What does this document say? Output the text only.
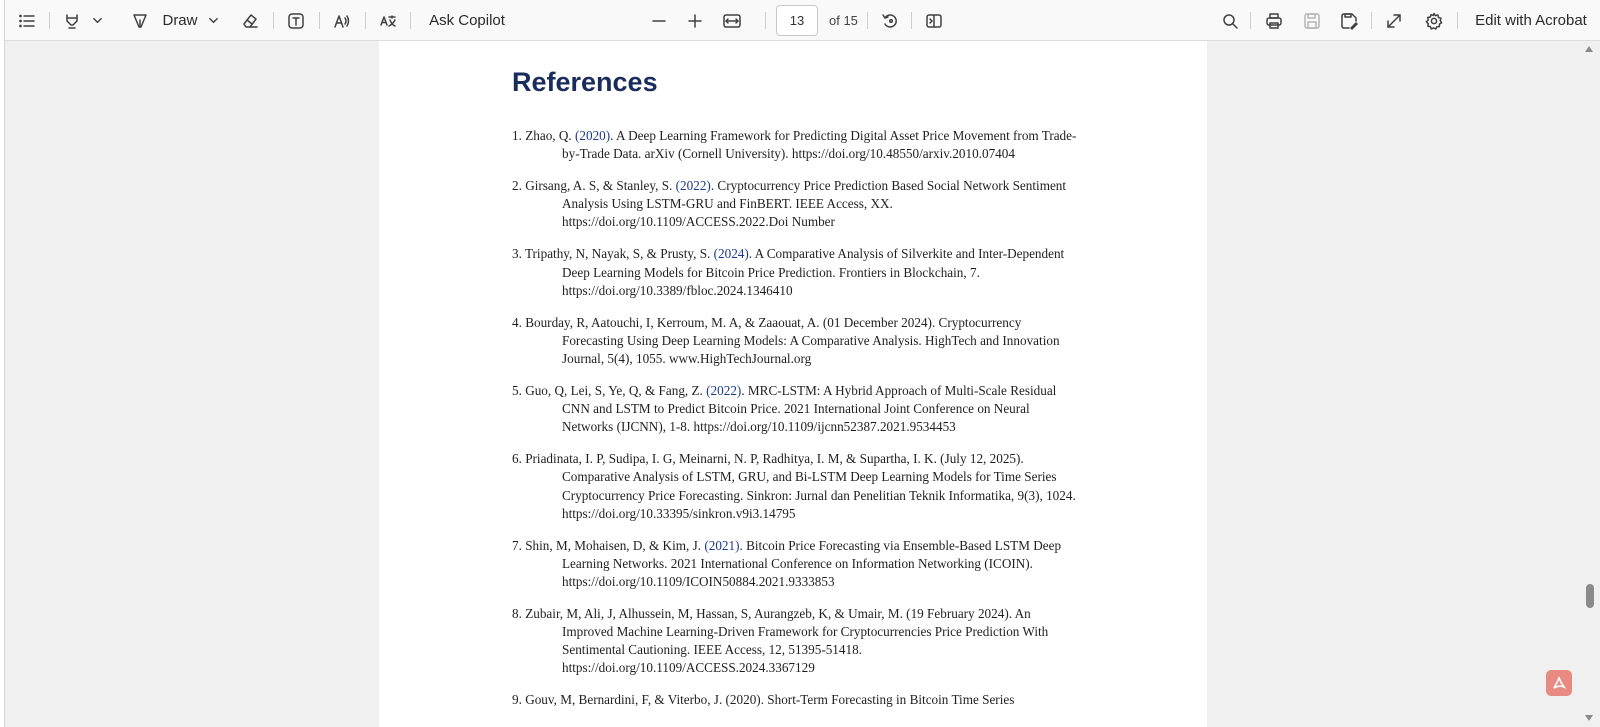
Draw	Ask Copilot	13	of 15	Edit with Acrobat
References
1. Zhao, Q. (2020). A Deep Learning Framework for Predicting Digital Asset Price Movement from Trade-by-Trade Data. arXiv (Cornell University). https://doi.org/10.48550/arxiv.2010.07404
2. Girsang, A. S, & Stanley, S. (2022). Cryptocurrency Price Prediction Based Social Network Sentiment Analysis Using LSTM-GRU and FinBERT. IEEE Access, XX. https://doi.org/10.1109/ACCESS.2022.Doi Number
3. Tripathy, N, Nayak, S, & Prusty, S. (2024). A Comparative Analysis of Silverkite and Inter-Dependent Deep Learning Models for Bitcoin Price Prediction. Frontiers in Blockchain, 7. https://doi.org/10.3389/fbloc.2024.1346410
4. Bourday, R, Aatouchi, I, Kerroum, M. A, & Zaaouat, A. (01 December 2024). Cryptocurrency Forecasting Using Deep Learning Models: A Comparative Analysis. HighTech and Innovation Journal, 5(4), 1055. www.HighTechJournal.org
5. Guo, Q, Lei, S, Ye, Q, & Fang, Z. (2022). MRC-LSTM: A Hybrid Approach of Multi-Scale Residual CNN and LSTM to Predict Bitcoin Price. 2021 International Joint Conference on Neural Networks (IJCNN), 1-8. https://doi.org/10.1109/ijcnn52387.2021.9534453
6. Priadinata, I. P, Sudipa, I. G, Meinarni, N. P, Radhitya, I. M, & Supartha, I. K. (July 12, 2025). Comparative Analysis of LSTM, GRU, and Bi-LSTM Deep Learning Models for Time Series Cryptocurrency Price Forecasting. Sinkron: Jurnal dan Penelitian Teknik Informatika, 9(3), 1024. https://doi.org/10.33395/sinkron.v9i3.14795
7. Shin, M, Mohaisen, D, & Kim, J. (2021). Bitcoin Price Forecasting via Ensemble-Based LSTM Deep Learning Networks. 2021 International Conference on Information Networking (ICOIN). https://doi.org/10.1109/ICOIN50884.2021.9333853
8. Zubair, M, Ali, J, Alhussein, M, Hassan, S, Aurangzeb, K, & Umair, M. (19 February 2024). An Improved Machine Learning-Driven Framework for Cryptocurrencies Price Prediction With Sentimental Cautioning. IEEE Access, 12, 51395-51418. https://doi.org/10.1109/ACCESS.2024.3367129
9. Gouv, M, Bernardini, F, & Viterbo, J. (2020). Short-Term Forecasting in Bitcoin Time Series
